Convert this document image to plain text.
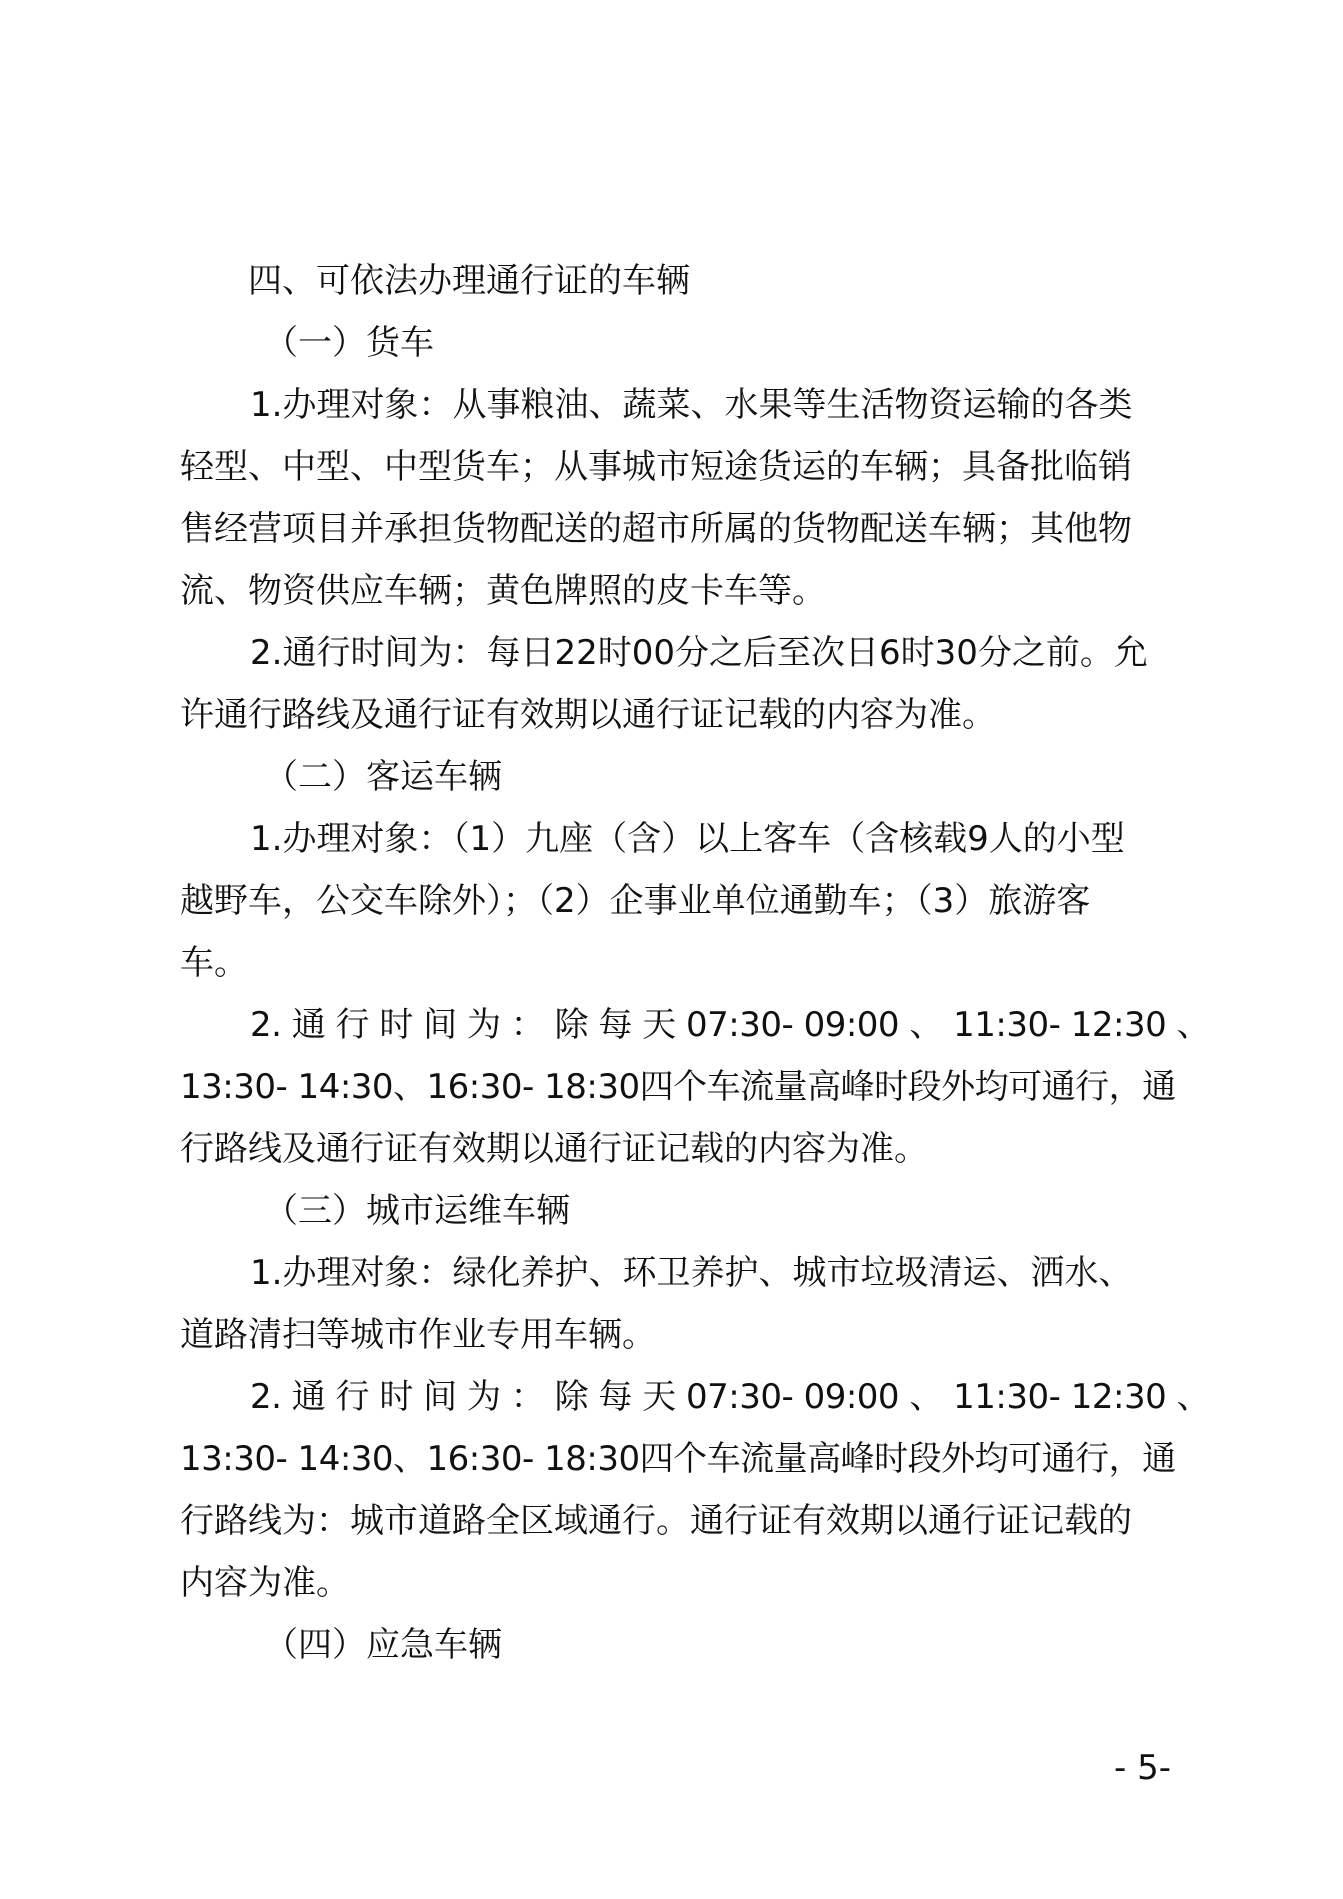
四、可依法办理通行证的车辆
（一）货车
1.办理对象：从事粮油、蔬菜、水果等生活物资运输的各类
轻型、中型、中型货车；从事城市短途货运的车辆；具备批临销
售经营项目并承担货物配送的超市所属的货物配送车辆；其他物
流、物资供应车辆；黄色牌照的皮卡车等。
2.通行时间为：每日22时00分之后至次日6时30分之前。允
许通行路线及通行证有效期以通行证记载的内容为准。
（二）客运车辆
1.办理对象：（1）九座（含）以上客车（含核载9人的小型
越野车，公交车除外）；（2）企事业单位通勤车；（3）旅游客
车。
2. 通 行 时 间 为 ： 除 每 天 07:30- 09:00 、 11:30- 12:30 、
13:30- 14:30、16:30- 18:30四个车流量高峰时段外均可通行，通
行路线及通行证有效期以通行证记载的内容为准。
（三）城市运维车辆
1.办理对象：绿化养护、环卫养护、城市垃圾清运、洒水、
道路清扫等城市作业专用车辆。
2. 通 行 时 间 为 ： 除 每 天 07:30- 09:00 、 11:30- 12:30 、
13:30- 14:30、16:30- 18:30四个车流量高峰时段外均可通行，通
行路线为：城市道路全区域通行。通行证有效期以通行证记载的
内容为准。
（四）应急车辆
- 5-
